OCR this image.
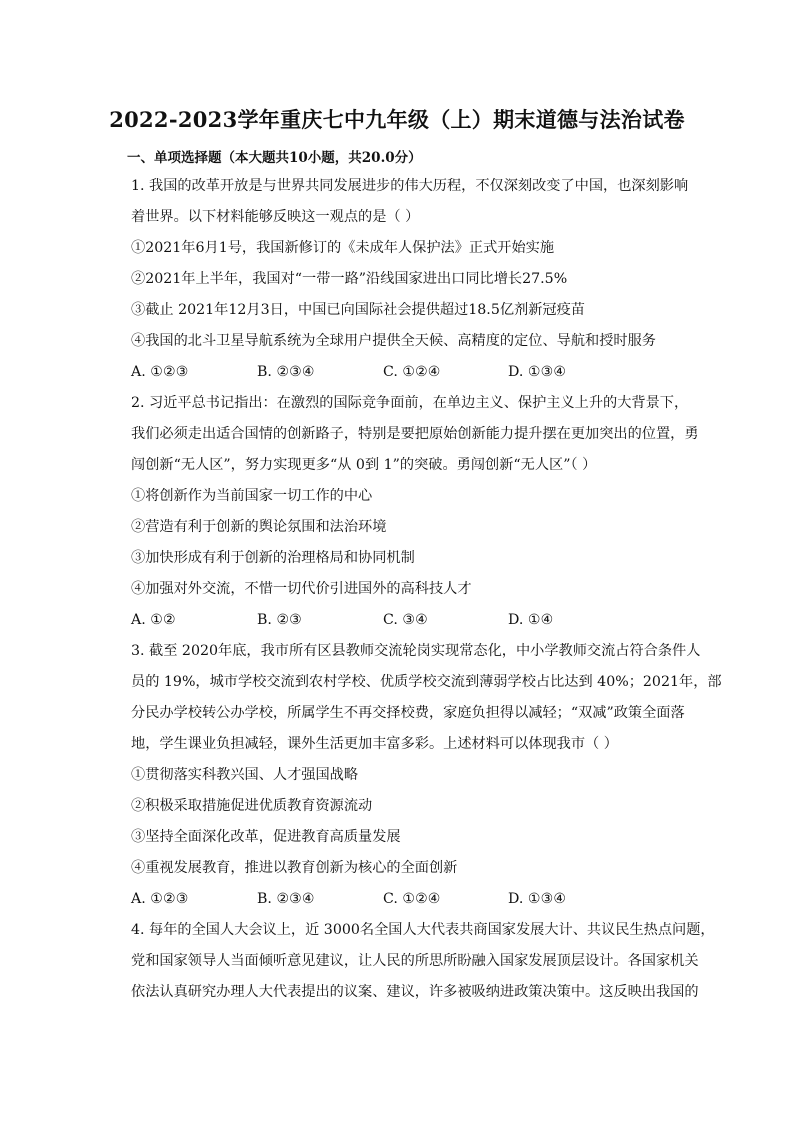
2022-2023学年重庆七中九年级（上）期末道德与法治试卷
一、单项选择题（本大题共10小题，共20.0分）
1. 我国的改革开放是与世界共同发展进步的伟大历程，不仅深刻改变了中国，也深刻影响
着世界。以下材料能够反映这一观点的是（ ）
①2021年6月1号，我国新修订的《未成年人保护法》正式开始实施
②2021年上半年，我国对“一带一路”沿线国家进出口同比增长27.5%
③截止 2021年12月3日，中国已向国际社会提供超过18.5亿剂新冠疫苗
④我国的北斗卫星导航系统为全球用户提供全天候、高精度的定位、导航和授时服务
A. ①②③	B. ②③④	C. ①②④	D. ①③④
2. 习近平总书记指出：在激烈的国际竞争面前，在单边主义、保护主义上升的大背景下，
我们必须走出适合国情的创新路子，特别是要把原始创新能力提升摆在更加突出的位置，勇
闯创新“无人区”，努力实现更多“从 0到 1”的突破。勇闯创新“无人区”（ ）
①将创新作为当前国家一切工作的中心
②营造有利于创新的舆论氛围和法治环境
③加快形成有利于创新的治理格局和协同机制
④加强对外交流，不惜一切代价引进国外的高科技人才
A. ①②	B. ②③	C. ③④	D. ①④
3. 截至 2020年底，我市所有区县教师交流轮岗实现常态化，中小学教师交流占符合条件人
员的 19%，城市学校交流到农村学校、优质学校交流到薄弱学校占比达到 40%；2021年，部
分民办学校转公办学校，所属学生不再交择校费，家庭负担得以减轻；“双减”政策全面落
地，学生课业负担减轻，课外生活更加丰富多彩。上述材料可以体现我市（ ）
①贯彻落实科教兴国、人才强国战略
②积极采取措施促进优质教育资源流动
③坚持全面深化改革，促进教育高质量发展
④重视发展教育，推进以教育创新为核心的全面创新
A. ①②③	B. ②③④	C. ①②④	D. ①③④
4. 每年的全国人大会议上，近 3000名全国人大代表共商国家发展大计、共议民生热点问题，
党和国家领导人当面倾听意见建议，让人民的所思所盼融入国家发展顶层设计。各国家机关
依法认真研究办理人大代表提出的议案、建议，许多被吸纳进政策决策中。这反映出我国的
